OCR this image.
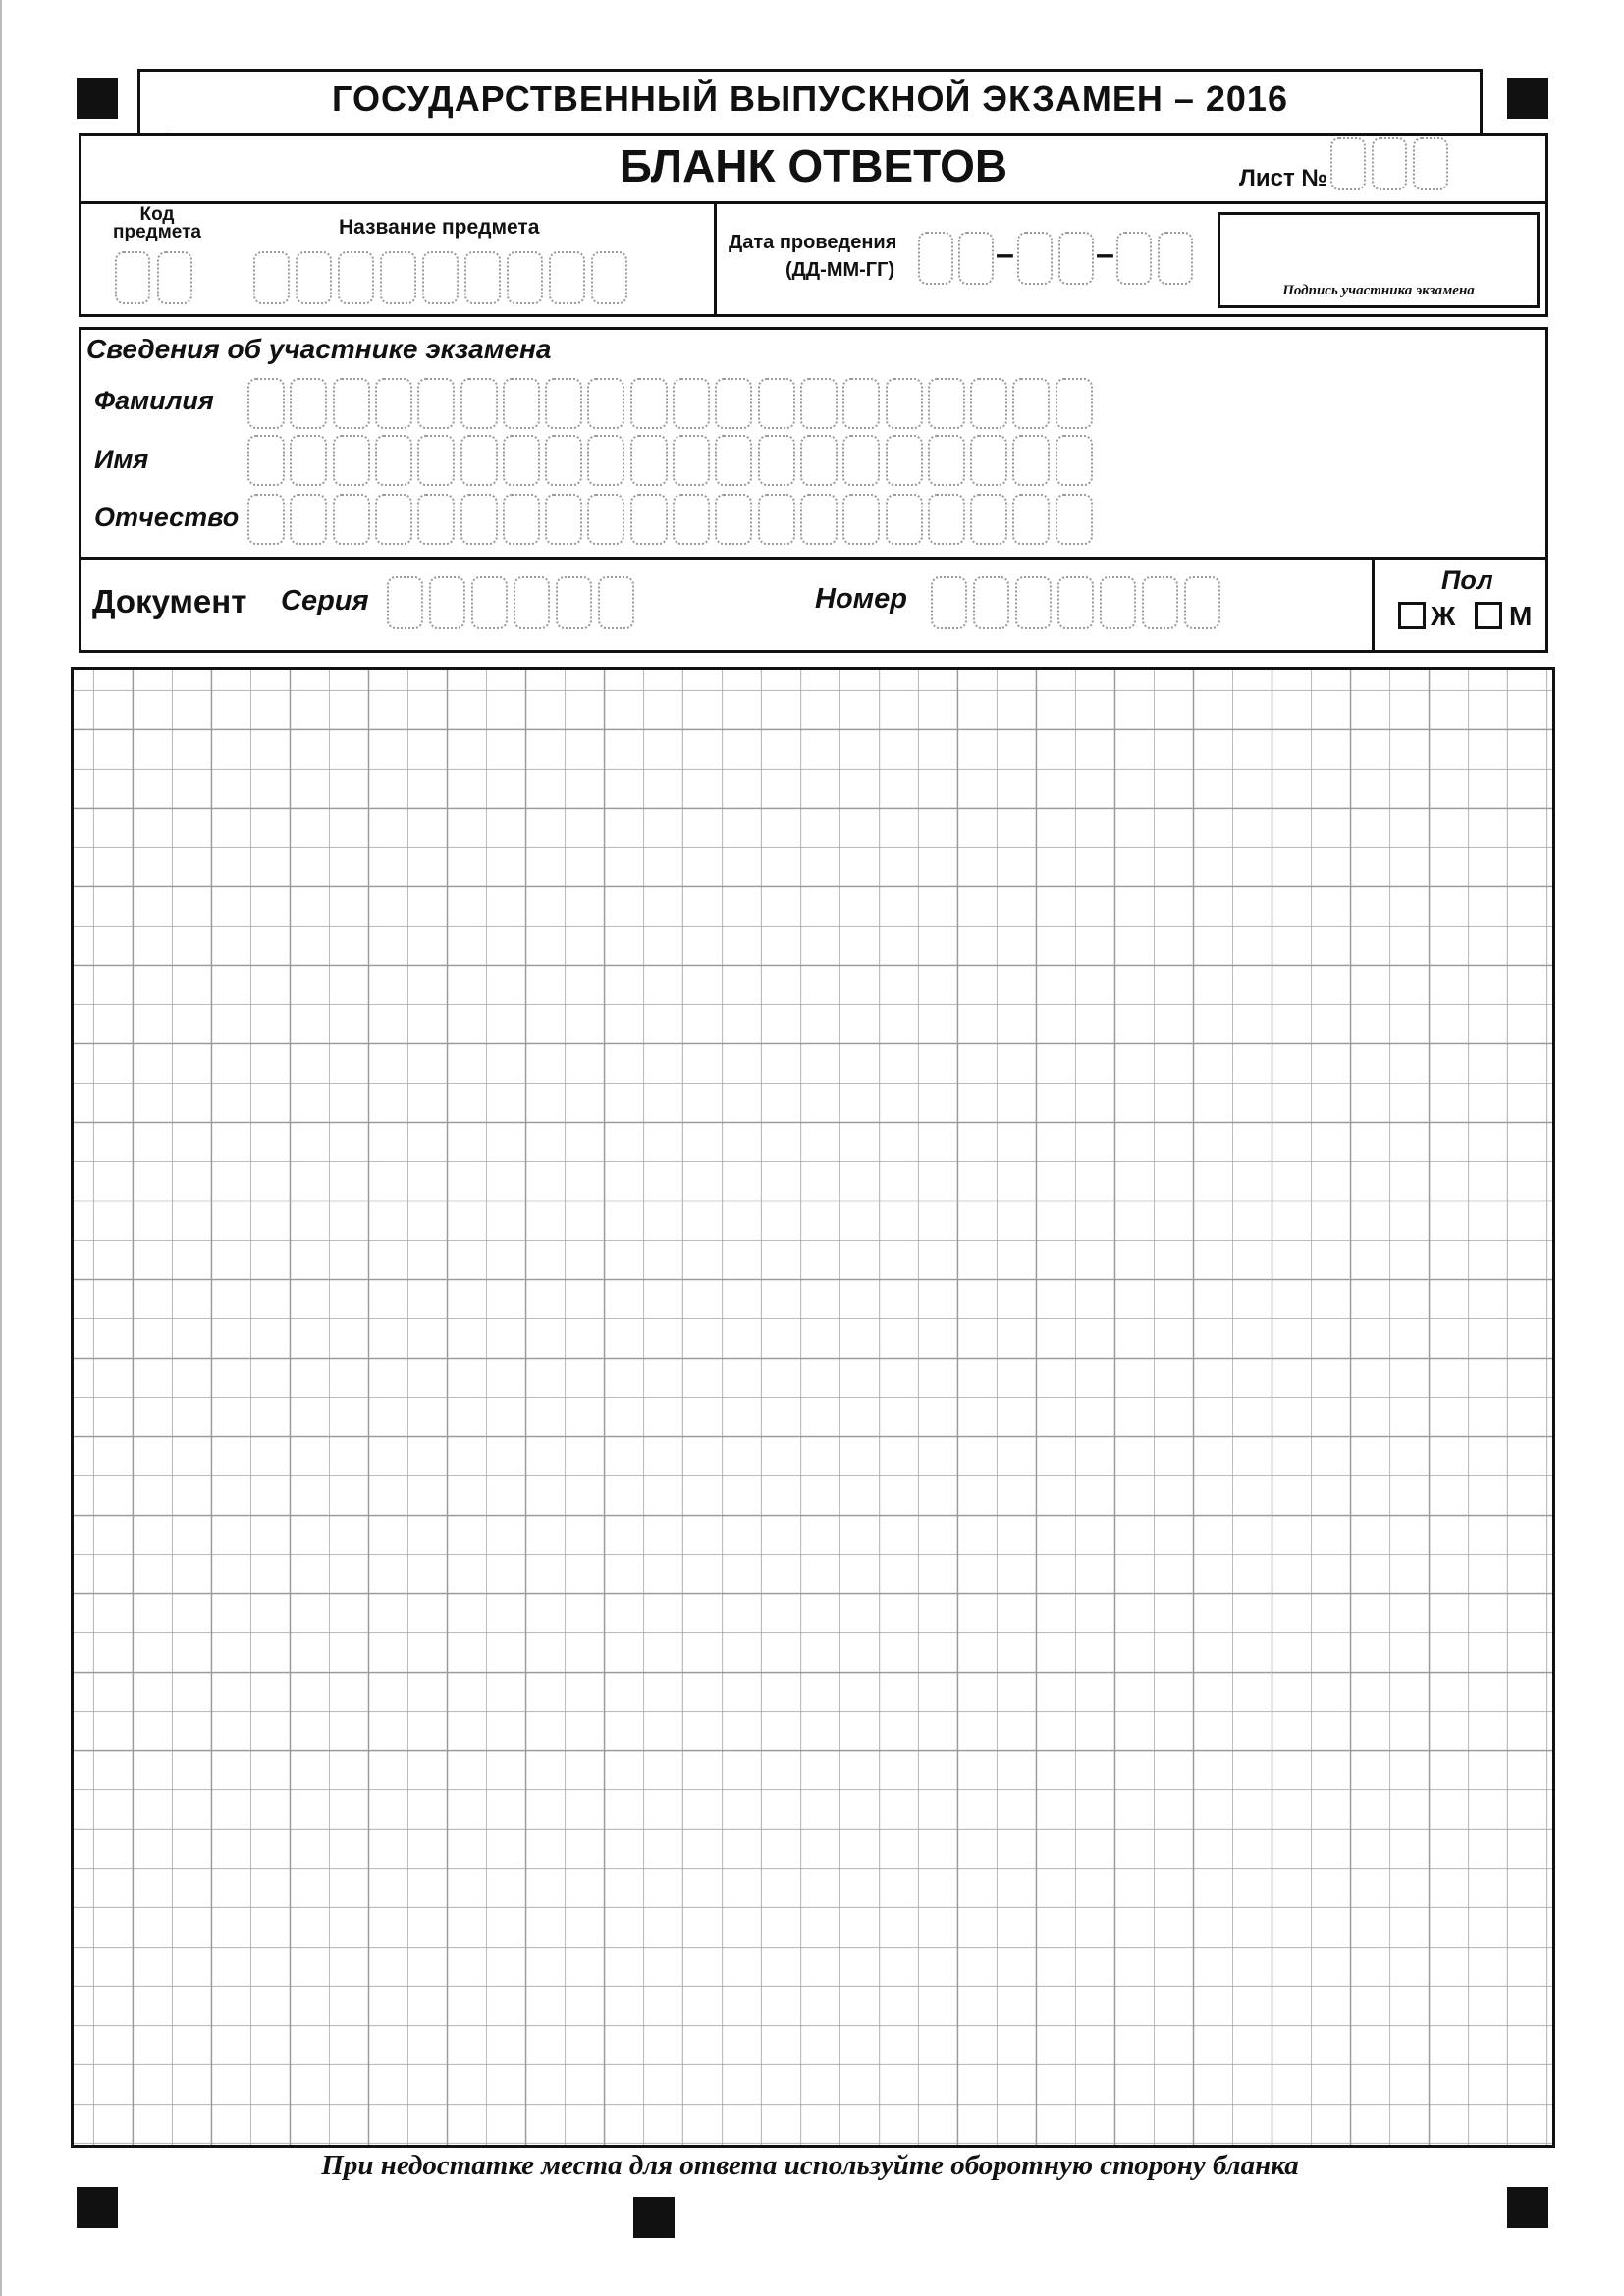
ГОСУДАРСТВЕННЫЙ ВЫПУСКНОЙ ЭКЗАМЕН – 2016
БЛАНК ОТВЕТОВ	Лист №
Код предмета	Название предмета
Дата проведения
(ДД-ММ-ГГ)	– –
Подпись участника экзамена
Сведения об участнике экзамена
Фамилия
Имя
Отчество
Документ Серия	Номер
Пол
Ж М
При недостатке места для ответа используйте оборотную сторону бланка
